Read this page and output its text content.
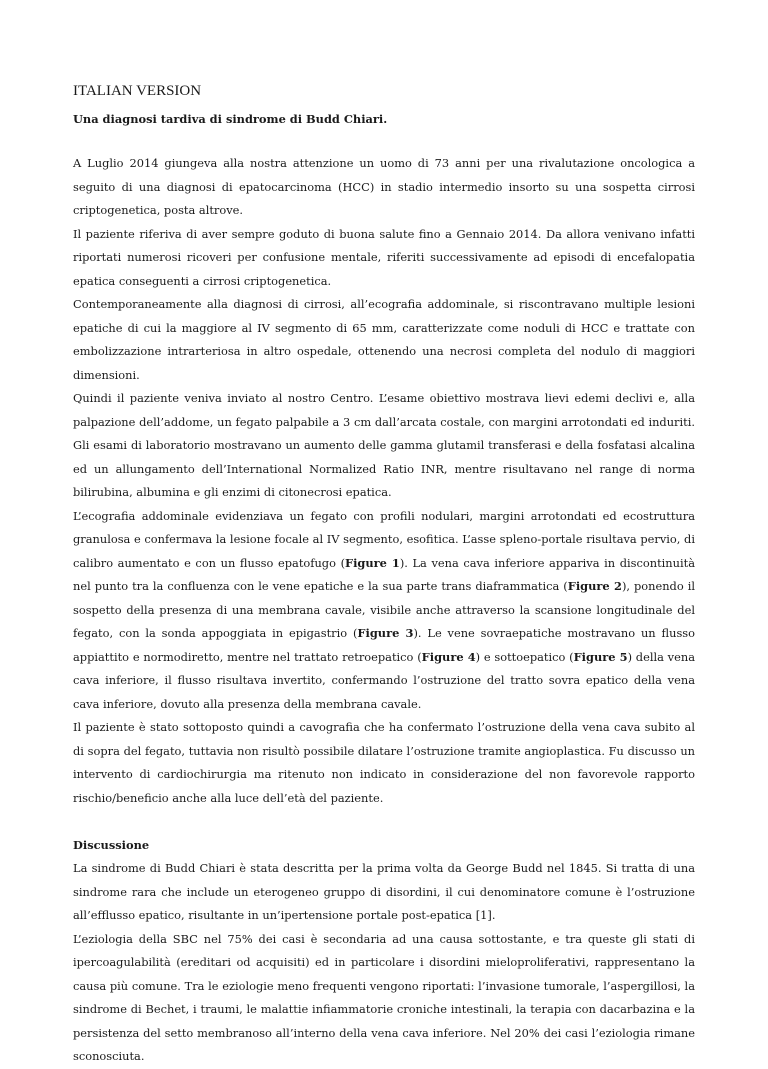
ITALIAN VERSION
Una diagnosi tardiva di sindrome di Budd Chiari.

A Luglio 2014 giungeva alla nostra attenzione un uomo di 73 anni per una rivalutazione oncologica a seguito di una diagnosi di epatocarcinoma (HCC) in stadio intermedio insorto su una sospetta cirrosi criptogenetica, posta altrove.

Il paziente riferiva di aver sempre goduto di buona salute fino a Gennaio 2014. Da allora venivano infatti riportati numerosi ricoveri per confusione mentale, riferiti successivamente ad episodi di encefalopatia epatica conseguenti a cirrosi criptogenetica.

Contemporaneamente alla diagnosi di cirrosi, all’ecografia addominale, si riscontravano multiple lesioni epatiche di cui la maggiore al IV segmento di 65 mm, caratterizzate come noduli di HCC e trattate con embolizzazione intrarteriosa in altro ospedale, ottenendo una necrosi completa del nodulo di maggiori dimensioni.

Quindi il paziente veniva inviato al nostro Centro. L’esame obiettivo mostrava lievi edemi declivi e, alla palpazione dell’addome, un fegato palpabile a 3 cm dall’arcata costale, con margini arrotondati ed induriti. Gli esami di laboratorio mostravano un aumento delle gamma glutamil transferasi e della fosfatasi alcalina ed un allungamento dell’International Normalized Ratio INR, mentre risultavano nel range di norma bilirubina, albumina e gli enzimi di citonecrosi epatica.

L’ecografia addominale evidenziava un fegato con profili nodulari, margini arrotondati ed ecostruttura granulosa e confermava la lesione focale al IV segmento, esofitica. L’asse spleno-portale risultava pervio, di calibro aumentato e con un flusso epatofugo (Figure 1). La vena cava inferiore appariva in discontinuità nel punto tra la confluenza con le vene epatiche e la sua parte trans diaframmatica (Figure 2), ponendo il sospetto della presenza di una membrana cavale, visibile anche attraverso la scansione longitudinale del fegato, con la sonda appoggiata in epigastrio (Figure 3). Le vene sovraepatiche mostravano un flusso appiattito e normodiretto, mentre nel trattato retroepatico (Figure 4) e sottoepatico (Figure 5) della vena cava inferiore, il flusso risultava invertito, confermando l’ostruzione del tratto sovra epatico della vena cava inferiore, dovuto alla presenza della membrana cavale.

Il paziente è stato sottoposto quindi a cavografia che ha confermato l’ostruzione della vena cava subito al di sopra del fegato, tuttavia non risultò possibile dilatare l’ostruzione tramite angioplastica. Fu discusso un intervento di cardiochirurgia ma ritenuto non indicato in considerazione del non favorevole rapporto rischio/beneficio anche alla luce dell’età del paziente.

Discussione

La sindrome di Budd Chiari è stata descritta per la prima volta da George Budd nel 1845. Si tratta di una sindrome rara che include un eterogeneo gruppo di disordini, il cui denominatore comune è l’ostruzione all’efflusso epatico, risultante in un’ipertensione portale post-epatica [1].

L’eziologia della SBC nel 75% dei casi è secondaria ad una causa sottostante, e tra queste gli stati di ipercoagulabilità (ereditari od acquisiti) ed in particolare i disordini mieloproliferativi, rappresentano la causa più comune. Tra le eziologie meno frequenti vengono riportati: l’invasione tumorale, l’aspergillosi, la sindrome di Bechet, i traumi, le malattie infiammatorie croniche intestinali, la terapia con dacarbazina e la persistenza del setto membranoso all’interno della vena cava inferiore. Nel 20% dei casi l’eziologia rimane sconosciuta.
